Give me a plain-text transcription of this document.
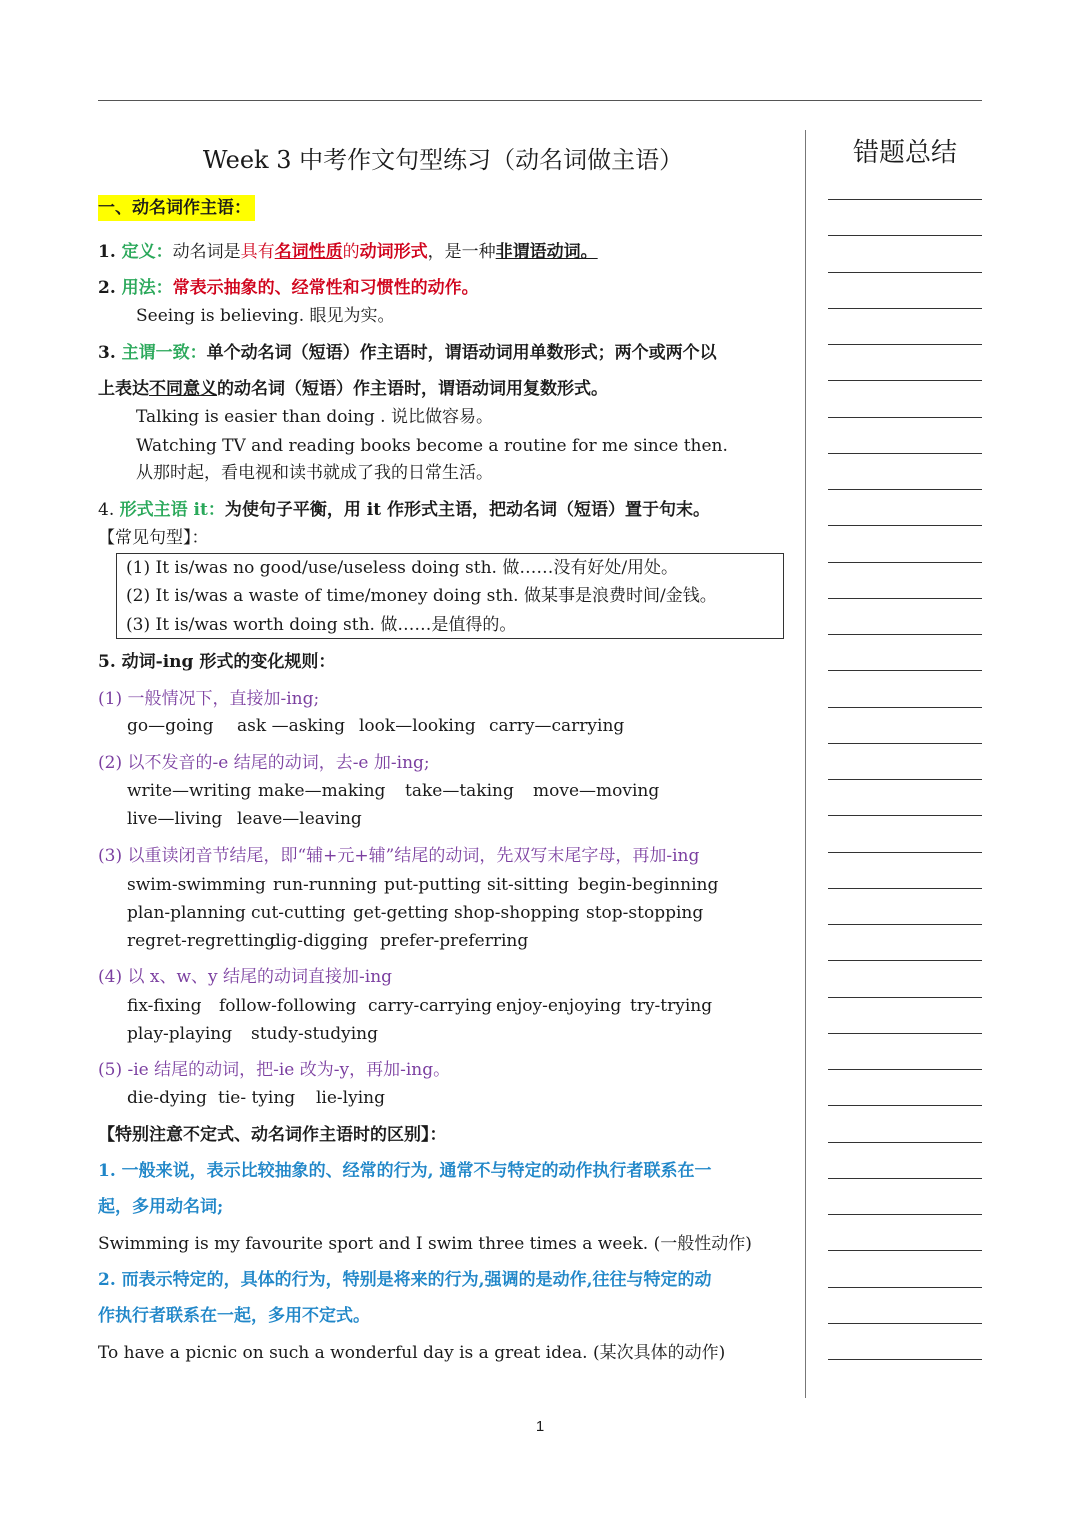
Week 3 中考作文句型练习（动名词做主语）
一、动名词作主语：
1. 定义：动名词是具有名词性质的动词形式，是一种非谓语动词。
2. 用法：常表示抽象的、经常性和习惯性的动作。
Seeing is believing. 眼见为实。
3. 主谓一致：单个动名词（短语）作主语时，谓语动词用单数形式；两个或两个以
上表达不同意义的动名词（短语）作主语时，谓语动词用复数形式。
Talking is easier than doing . 说比做容易。
Watching TV and reading books become a routine for me since then.
从那时起，看电视和读书就成了我的日常生活。
4. 形式主语 it：为使句子平衡，用 it 作形式主语，把动名词（短语）置于句末。
【常见句型】：
(1) It is/was no good/use/useless doing sth. 做……没有好处/用处。
(2) It is/was a waste of time/money doing sth. 做某事是浪费时间/金钱。
(3) It is/was worth doing sth. 做……是值得的。
5. 动词-ing 形式的变化规则：
(1) 一般情况下，直接加-ing;
go—going ask —asking look—looking carry—carrying
(2) 以不发音的-e 结尾的动词，去-e 加-ing;
write—writing make—making take—taking move—moving
live—living leave—leaving
(3) 以重读闭音节结尾，即“辅+元+辅”结尾的动词，先双写末尾字母，再加-ing
swim-swimming run-running put-putting sit-sitting begin-beginning
plan-planning cut-cutting get-getting shop-shopping stop-stopping
regret-regretting
dig-digging prefer-preferring
(4) 以 x、w、y 结尾的动词直接加-ing
fix-fixing follow-following carry-carrying enjoy-enjoying try-trying
play-playing study-studying
(5) -ie 结尾的动词，把-ie 改为-y，再加-ing。
die-dying tie- tying lie-lying
【特别注意不定式、动名词作主语时的区别】：
1. 一般来说，表示比较抽象的、经常的行为, 通常不与特定的动作执行者联系在一
起，多用动名词;
Swimming is my favourite sport and I swim three times a week. (一般性动作)
2. 而表示特定的，具体的行为，特别是将来的行为,强调的是动作,往往与特定的动
作执行者联系在一起，多用不定式。
To have a picnic on such a wonderful day is a great idea. (某次具体的动作)
错题总结
1
